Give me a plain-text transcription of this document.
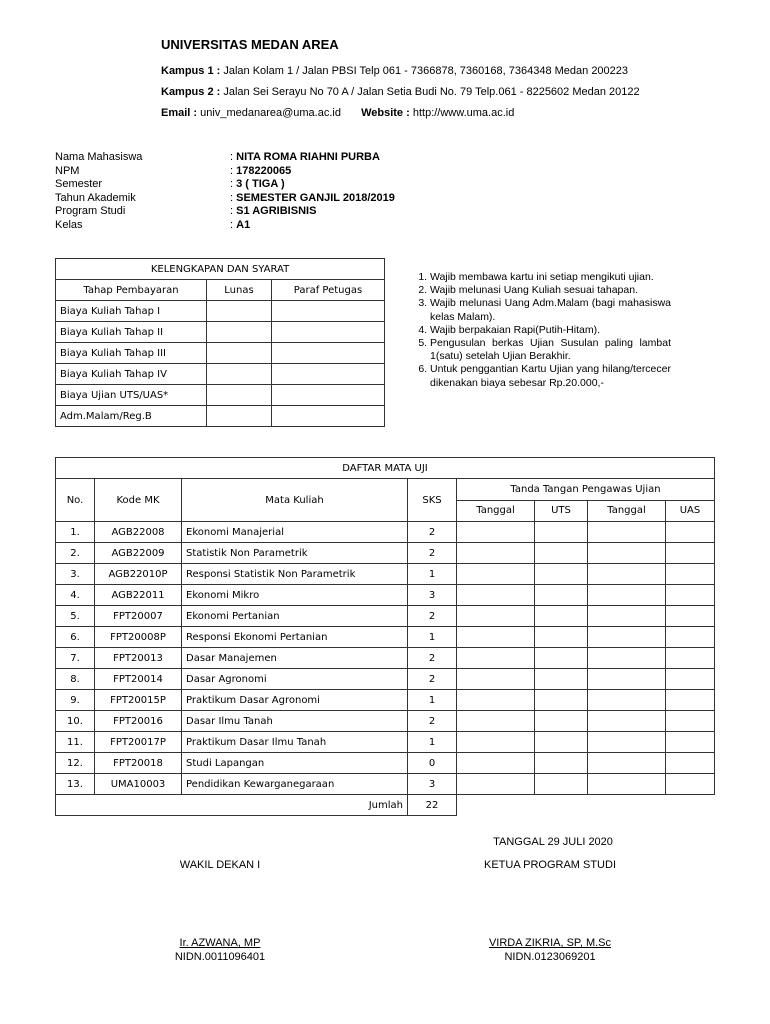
UNIVERSITAS MEDAN AREA
Kampus 1 : Jalan Kolam 1 / Jalan PBSI Telp 061 - 7366878, 7360168, 7364348 Medan 200223
Kampus 2 : Jalan Sei Serayu No 70 A / Jalan Setia Budi No. 79 Telp.061 - 8225602 Medan 20122
Email : univ_medanarea@uma.ac.id Website : http://www.uma.ac.id
Nama Mahasiswa	: NITA ROMA RIAHNI PURBA
NPM	: 178220065
Semester	: 3 ( TIGA )
Tahun Akademik	: SEMESTER GANJIL 2018/2019
Program Studi	: S1 AGRIBISNIS
Kelas	: A1
KELENGKAPAN DAN SYARAT		
Tahap Pembayaran	Lunas	Paraf Petugas
Biaya Kuliah Tahap I		
Biaya Kuliah Tahap II		
Biaya Kuliah Tahap III		
Biaya Kuliah Tahap IV		
Biaya Ujian UTS/UAS*		
Adm.Malam/Reg.B		
1. Wajib membawa kartu ini setiap mengikuti ujian.
2. Wajib melunasi Uang Kuliah sesuai tahapan.
3. Wajib melunasi Uang Adm.Malam (bagi mahasiswa kelas Malam).
4. Wajib berpakaian Rapi(Putih-Hitam).
5. Pengusulan berkas Ujian Susulan paling lambat 1(satu) setelah Ujian Berakhir.
6. Untuk penggantian Kartu Ujian yang hilang/tercecer dikenakan biaya sebesar Rp.20.000,-
DAFTAR MATA UJI							
No.	Kode MK	Mata Kuliah	SKS	Tanda Tangan Pengawas Ujian			
				Tanggal	UTS	Tanggal	UAS
1.	AGB22008	Ekonomi Manajerial	2				
2.	AGB22009	Statistik Non Parametrik	2				
3.	AGB22010P	Responsi Statistik Non Parametrik	1				
4.	AGB22011	Ekonomi Mikro	3				
5.	FPT20007	Ekonomi Pertanian	2				
6.	FPT20008P	Responsi Ekonomi Pertanian	1				
7.	FPT20013	Dasar Manajemen	2				
8.	FPT20014	Dasar Agronomi	2				
9.	FPT20015P	Praktikum Dasar Agronomi	1				
10.	FPT20016	Dasar Ilmu Tanah	2				
11.	FPT20017P	Praktikum Dasar Ilmu Tanah	1				
12.	FPT20018	Studi Lapangan	0				
13.	UMA10003	Pendidikan Kewarganegaraan	3				
Jumlah			22				
TANGGAL 29 JULI 2020
WAKIL DEKAN I	KETUA PROGRAM STUDI
Ir. AZWANA, MP
NIDN.0011096401
VIRDA ZIKRIA, SP, M.Sc
NIDN.0123069201
